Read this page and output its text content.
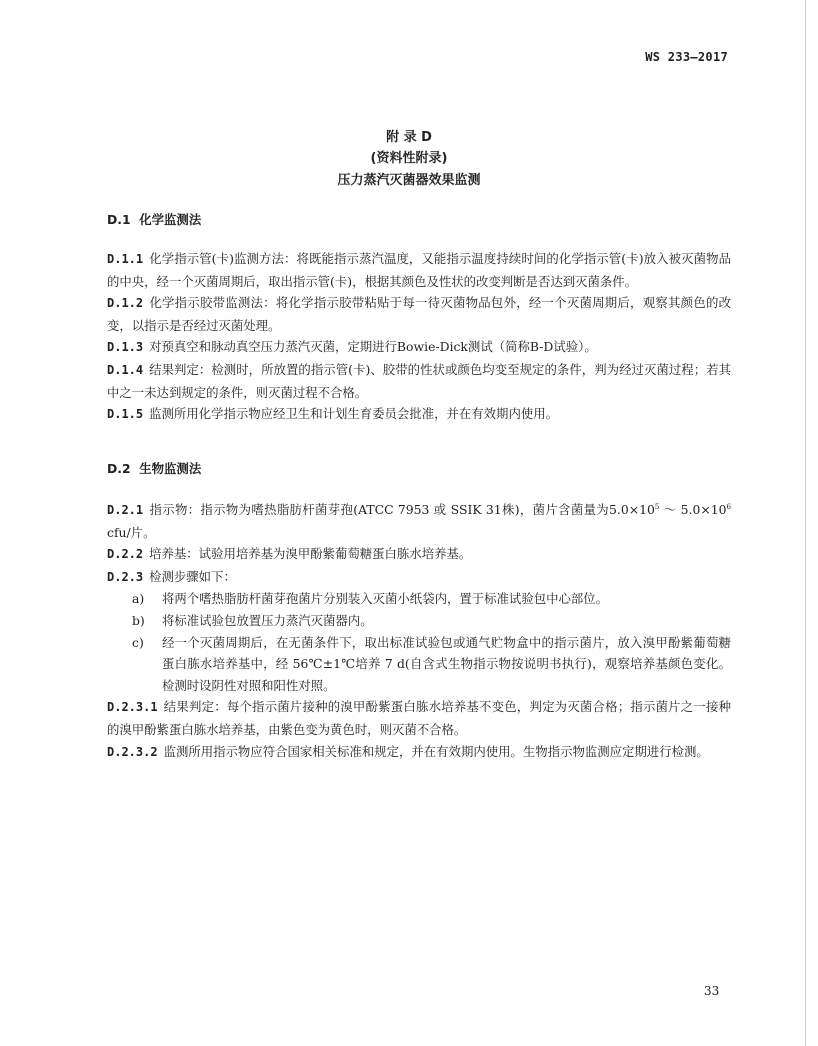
WS 233—2017
附 录 D
(资料性附录)
压力蒸汽灭菌器效果监测

D.1 化学监测法

D.1.1 化学指示管(卡)监测方法：将既能指示蒸汽温度，又能指示温度持续时间的化学指示管(卡)放入被灭菌物品的中央，经一个灭菌周期后，取出指示管(卡)，根据其颜色及性状的改变判断是否达到灭菌条件。

D.1.2 化学指示胶带监测法：将化学指示胶带粘贴于每一待灭菌物品包外，经一个灭菌周期后，观察其颜色的改变，以指示是否经过灭菌处理。

D.1.3 对预真空和脉动真空压力蒸汽灭菌，定期进行Bowie-Dick测试（简称B-D试验）。

D.1.4 结果判定：检测时，所放置的指示管(卡)、胶带的性状或颜色均变至规定的条件，判为经过灭菌过程；若其中之一未达到规定的条件，则灭菌过程不合格。

D.1.5 监测所用化学指示物应经卫生和计划生育委员会批准，并在有效期内使用。

D.2 生物监测法

D.2.1 指示物：指示物为嗜热脂肪杆菌芽孢(ATCC 7953 或 SSIK 31株)，菌片含菌量为$5.0\times 10^5$ ～ $5.0\times 10^6$ cfu/片。

D.2.2 培养基：试验用培养基为溴甲酚紫葡萄糖蛋白胨水培养基。

D.2.3 检测步骤如下：

a) 将两个嗜热脂肪杆菌芽孢菌片分别装入灭菌小纸袋内，置于标准试验包中心部位。

b) 将标准试验包放置压力蒸汽灭菌器内。

c) 经一个灭菌周期后，在无菌条件下，取出标准试验包或通气贮物盒中的指示菌片，放入溴甲酚紫葡萄糖蛋白胨水培养基中，经 56℃±1℃培养 7 d(自含式生物指示物按说明书执行)，观察培养基颜色变化。检测时设阴性对照和阳性对照。

D.2.3.1 结果判定：每个指示菌片接种的溴甲酚紫蛋白胨水培养基不变色，判定为灭菌合格；指示菌片之一接种的溴甲酚紫蛋白胨水培养基，由紫色变为黄色时，则灭菌不合格。

D.2.3.2 监测所用指示物应符合国家相关标准和规定，并在有效期内使用。生物指示物监测应定期进行检测。

33
